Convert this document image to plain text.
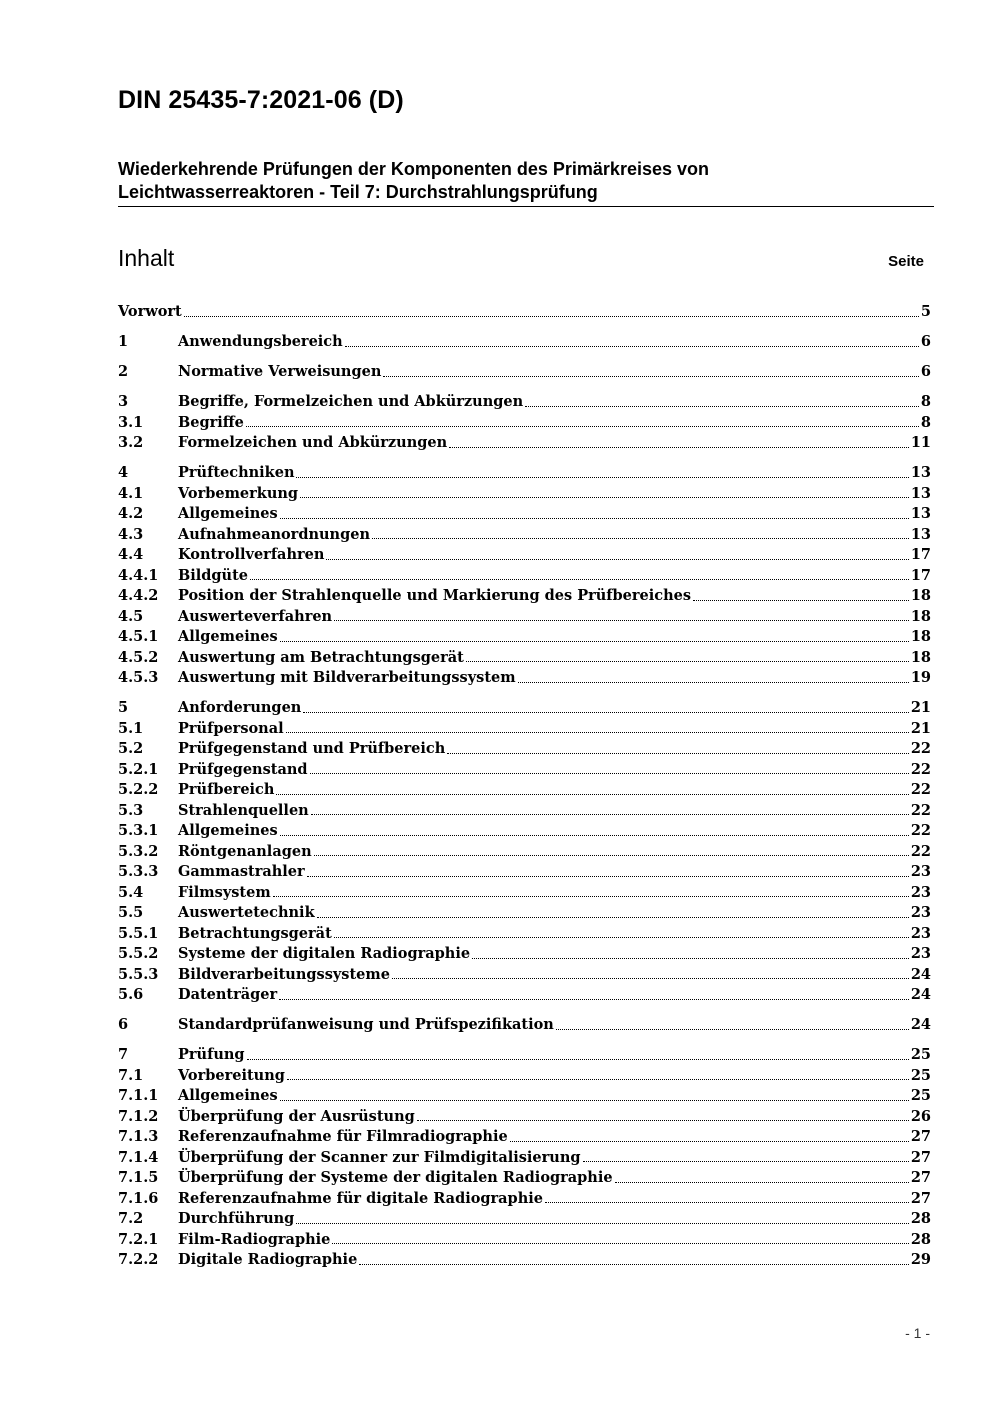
DIN 25435-7:2021-06 (D)
Wiederkehrende Prüfungen der Komponenten des Primärkreises von
Leichtwasserreaktoren - Teil 7: Durchstrahlungsprüfung
Inhalt	Seite
Vorwort	5
1	Anwendungsbereich	6
2	Normative Verweisungen	6
3	Begriffe, Formelzeichen und Abkürzungen	8
3.1	Begriffe	8
3.2	Formelzeichen und Abkürzungen	11
4	Prüftechniken	13
4.1	Vorbemerkung	13
4.2	Allgemeines	13
4.3	Aufnahmeanordnungen	13
4.4	Kontrollverfahren	17
4.4.1	Bildgüte	17
4.4.2	Position der Strahlenquelle und Markierung des Prüfbereiches	18
4.5	Auswerteverfahren	18
4.5.1	Allgemeines	18
4.5.2	Auswertung am Betrachtungsgerät	18
4.5.3	Auswertung mit Bildverarbeitungssystem	19
5	Anforderungen	21
5.1	Prüfpersonal	21
5.2	Prüfgegenstand und Prüfbereich	22
5.2.1	Prüfgegenstand	22
5.2.2	Prüfbereich	22
5.3	Strahlenquellen	22
5.3.1	Allgemeines	22
5.3.2	Röntgenanlagen	22
5.3.3	Gammastrahler	23
5.4	Filmsystem	23
5.5	Auswertetechnik	23
5.5.1	Betrachtungsgerät	23
5.5.2	Systeme der digitalen Radiographie	23
5.5.3	Bildverarbeitungssysteme	24
5.6	Datenträger	24
6	Standardprüfanweisung und Prüfspezifikation	24
7	Prüfung	25
7.1	Vorbereitung	25
7.1.1	Allgemeines	25
7.1.2	Überprüfung der Ausrüstung	26
7.1.3	Referenzaufnahme für Filmradiographie	27
7.1.4	Überprüfung der Scanner zur Filmdigitalisierung	27
7.1.5	Überprüfung der Systeme der digitalen Radiographie	27
7.1.6	Referenzaufnahme für digitale Radiographie	27
7.2	Durchführung	28
7.2.1	Film-Radiographie	28
7.2.2	Digitale Radiographie	29
- 1 -
